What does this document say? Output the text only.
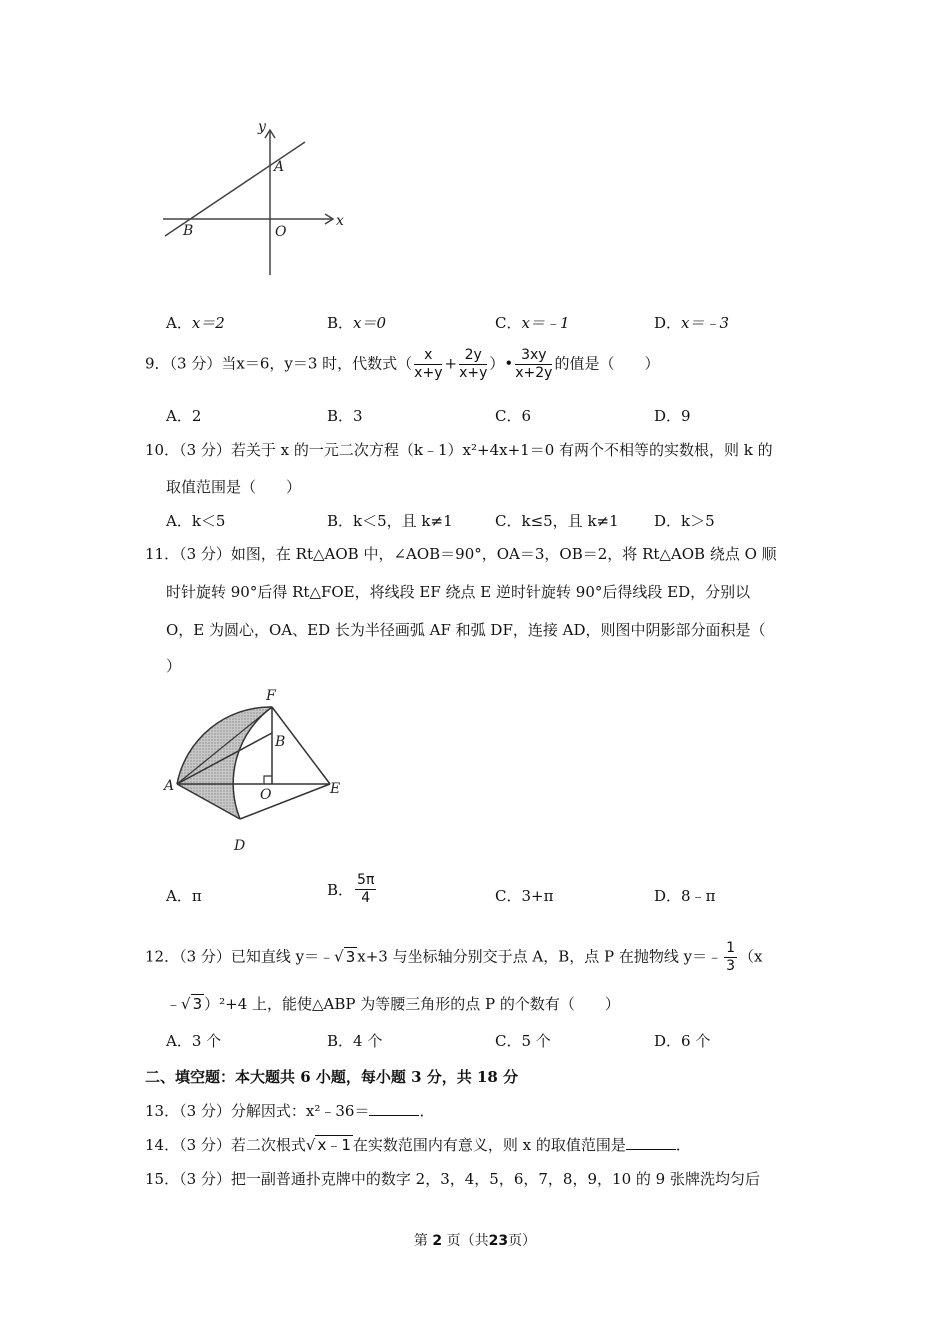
y
x
A
B	O
A．x＝2	B．x＝0	C．x＝﹣1	D．x＝﹣3
9．（3 分）当x＝6，y＝3 时，代数式（ $\frac{x}{x+y} + \frac{2y}{x+y}$ ）• $\frac{3xy}{x+2y}$ 的值是（　　）
A．2	B．3	C．6	D．9
10．（3 分）若关于 x 的一元二次方程（k﹣1）x²+4x+1＝0 有两个不相等的实数根，则 k 的
取值范围是（　　）
A．k＜5	B．k＜5，且 k≠1	C．k≤5，且 k≠1 D．k＞5
11．（3 分）如图，在 Rt△AOB 中，∠AOB＝90°，OA＝3，OB＝2，将 Rt△AOB 绕点 O 顺
时针旋转 90°后得 Rt△FOE，将线段 EF 绕点 E 逆时针旋转 90°后得线段 ED，分别以
O，E 为圆心，OA、ED 长为半径画弧 AF 和弧 DF，连接 AD，则图中阴影部分面积是（
）
F
B
A
O	E
D
A．π	B． $\frac{5\pi}{4}$	C．3+π	D．8﹣π
12．（3 分）已知直线 y＝﹣√ 3 x+3 与坐标轴分别交于点 A，B，点 P 在抛物线 y＝﹣ $\frac{1}{3} (x$
﹣√ 3 ）²+4 上，能使△ABP 为等腰三角形的点 P 的个数有（　　）
A．3 个	B．4 个	C．5 个	D．6 个
二、填空题：本大题共 6 小题，每小题 3 分，共 18 分
13．（3 分）分解因式：x²﹣36＝	．
14．（3 分）若二次根式√ x﹣1 在实数范围内有意义，则 x 的取值范围是	．
15．（3 分）把一副普通扑克牌中的数字 2，3，4，5，6，7，8，9，10 的 9 张牌洗均匀后
第 2 页（共23页）
